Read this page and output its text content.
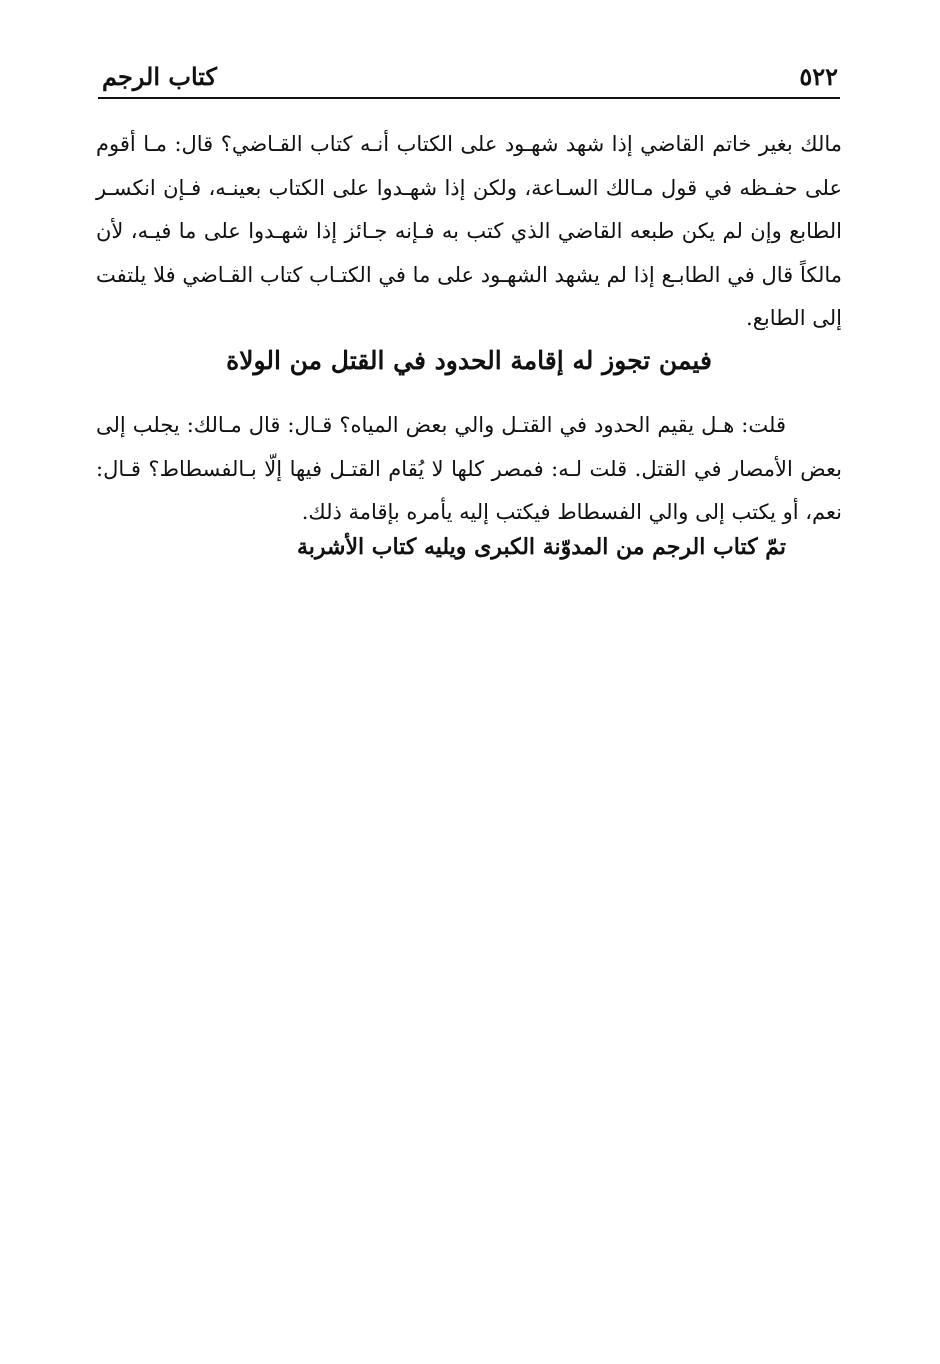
٥٢٢
كتاب الرجم
مالك بغير خاتم القاضي إذا شهد شهـود على الكتاب أنـه كتاب القـاضي؟ قال: مـا أقوم
على حفـظه في قول مـالك السـاعة، ولكن إذا شهـدوا على الكتاب بعينـه، فـإن انكسـر
الطابع وإن لم يكن طبعه القاضي الذي كتب به فـإنه جـائز إذا شهـدوا على ما فيـه، لأن
مالكاً قال في الطابـع إذا لم يشهد الشهـود على ما في الكتـاب كتاب القـاضي فلا يلتفت
إلى الطابع.
فيمن تجوز له إقامة الحدود في القتل من الولاة
قلت: هـل يقيم الحدود في القتـل والي بعض المياه؟ قـال: قال مـالك: يجلب إلى
بعض الأمصار في القتل. قلت لـه: فمصر كلها لا يُقام القتـل فيها إلّا بـالفسطاط؟ قـال:
نعم، أو يكتب إلى والي الفسطاط فيكتب إليه يأمره بإقامة ذلك.
تمّ كتاب الرجم من المدوّنة الكبرى ويليه كتاب الأشربة
